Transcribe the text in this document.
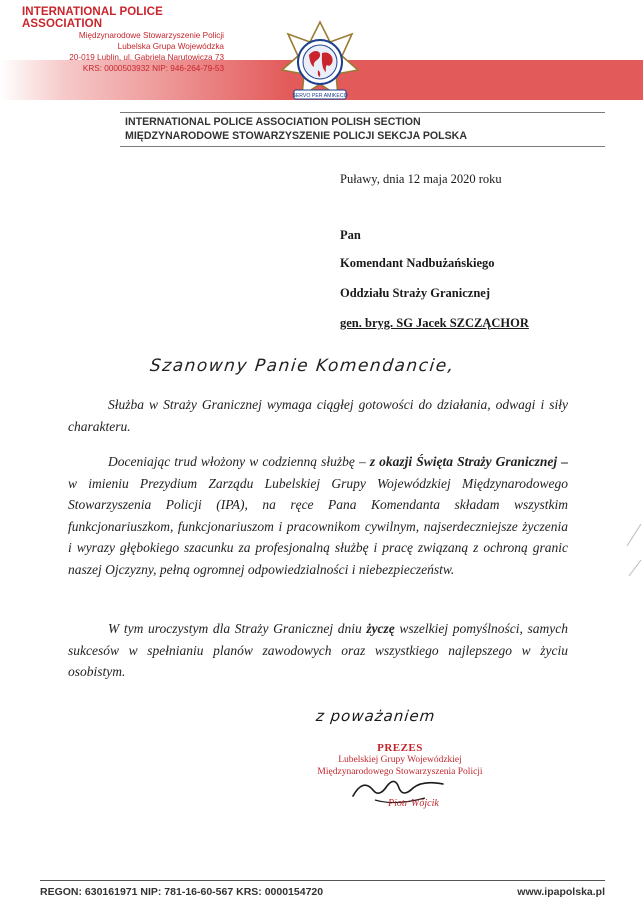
INTERNATIONAL POLICE ASSOCIATION
Międzynarodowe Stowarzyszenie Policji
Lubelska Grupa Wojewódzka
20-019 Lublin, ul. Gabriela Narutowicza 73
KRS: 0000503932 NIP: 946-264-79-53
SERVO PER AMIKECO
INTERNATIONAL POLICE ASSOCIATION POLISH SECTION
MIĘDZYNARODOWE STOWARZYSZENIE POLICJI SEKCJA POLSKA
Puławy, dnia 12 maja 2020 roku
Pan
Komendant Nadbużańskiego
Oddziału Straży Granicznej
gen. bryg. SG Jacek SZCZĄCHOR
Szanowny Panie Komendancie,

Służba w Straży Granicznej wymaga ciągłej gotowości do działania, odwagi i siły charakteru.

Doceniając trud włożony w codzienną służbę – z okazji Święta Straży Granicznej – w imieniu Prezydium Zarządu Lubelskiej Grupy Wojewódzkiej Międzynarodowego Stowarzyszenia Policji (IPA), na ręce Pana Komendanta składam wszystkim funkcjonariuszkom, funkcjonariuszom i pracownikom cywilnym, najserdeczniejsze życzenia i wyrazy głębokiego szacunku za profesjonalną służbę i pracę związaną z ochroną granic naszej Ojczyzny, pełną ogromnej odpowiedzialności i niebezpieczeństw.

W tym uroczystym dla Straży Granicznej dniu życzę wszelkiej pomyślności, samych sukcesów w spełnianiu planów zawodowych oraz wszystkiego najlepszego w życiu osobistym.

z poważaniem
PREZES
Lubelskiej Grupy Wojewódzkiej
Międzynarodowego Stowarzyszenia Policji
Piotr Wójcik
REGON: 630161971 NIP: 781-16-60-567 KRS: 0000154720	www.ipapolska.pl
